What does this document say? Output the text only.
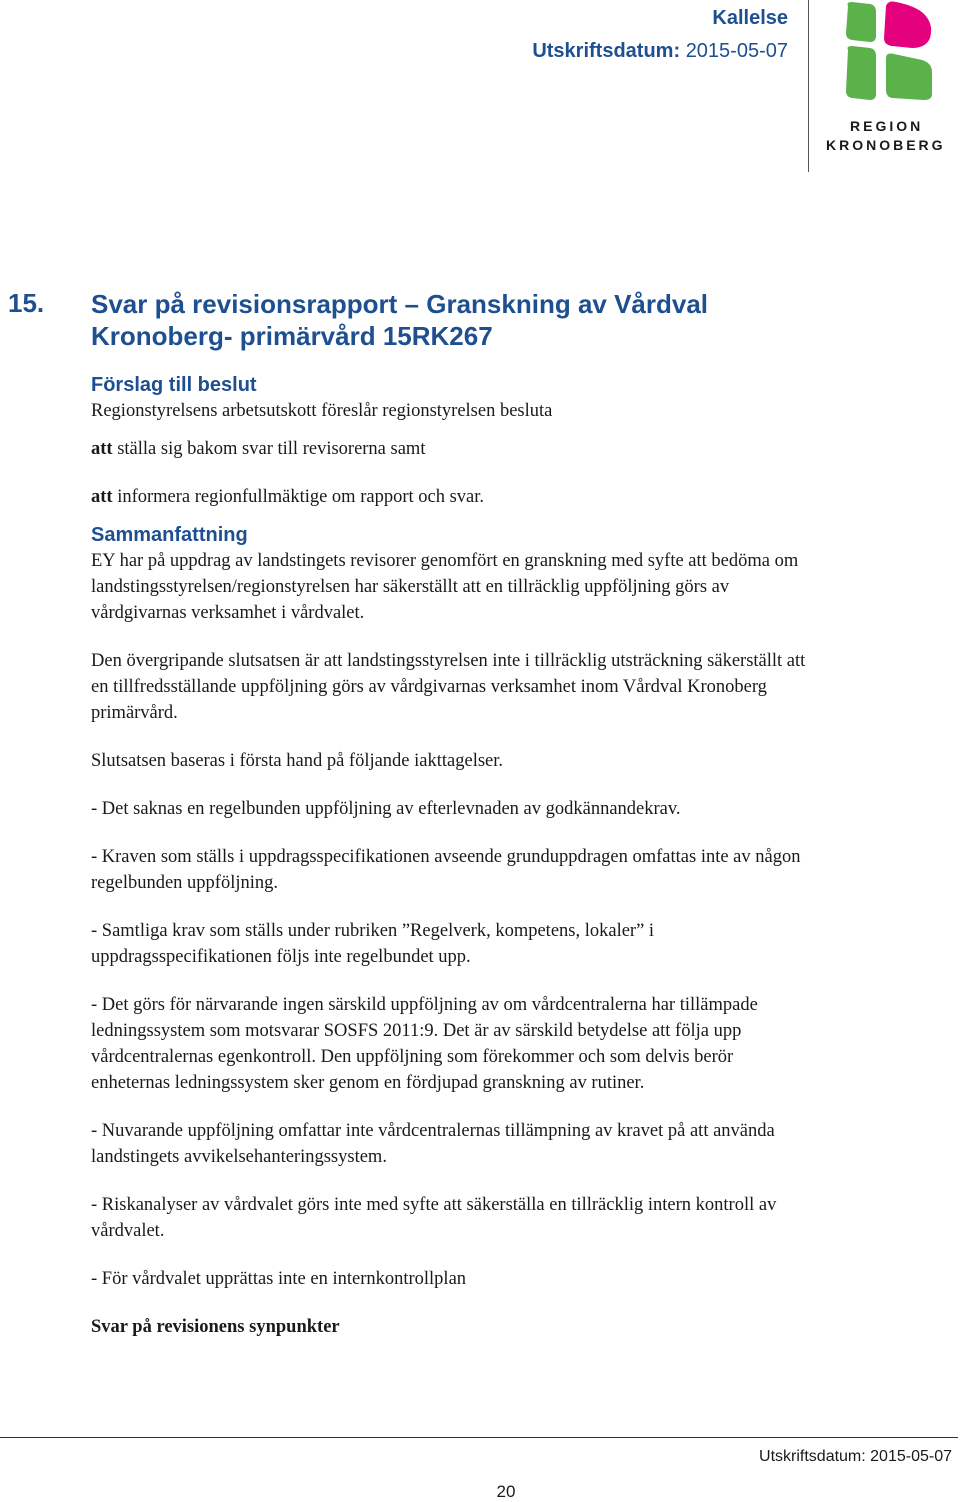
Kallelse
Utskriftsdatum: 2015-05-07
REGION
KRONOBERG
15. Svar på revisionsrapport – Granskning av Vårdval Kronoberg- primärvård 15RK267
Förslag till beslut

Regionstyrelsens arbetsutskott föreslår regionstyrelsen besluta

att ställa sig bakom svar till revisorerna samt

att informera regionfullmäktige om rapport och svar.

Sammanfattning

EY har på uppdrag av landstingets revisorer genomfört en granskning med syfte att bedöma om landstingsstyrelsen/regionstyrelsen har säkerställt att en tillräcklig uppföljning görs av vårdgivarnas verksamhet i vårdvalet.

Den övergripande slutsatsen är att landstingsstyrelsen inte i tillräcklig utsträckning säkerställt att en tillfredsställande uppföljning görs av vårdgivarnas verksamhet inom Vårdval Kronoberg primärvård.

Slutsatsen baseras i första hand på följande iakttagelser.

- Det saknas en regelbunden uppföljning av efterlevnaden av godkännandekrav.

- Kraven som ställs i uppdragsspecifikationen avseende grunduppdragen omfattas inte av någon regelbunden uppföljning.

- Samtliga krav som ställs under rubriken ”Regelverk, kompetens, lokaler” i uppdragsspecifikationen följs inte regelbundet upp.

- Det görs för närvarande ingen särskild uppföljning av om vårdcentralerna har tillämpade ledningssystem som motsvarar SOSFS 2011:9. Det är av särskild betydelse att följa upp vårdcentralernas egenkontroll. Den uppföljning som förekommer och som delvis berör enheternas ledningssystem sker genom en fördjupad granskning av rutiner.

- Nuvarande uppföljning omfattar inte vårdcentralernas tillämpning av kravet på att använda landstingets avvikelsehanteringssystem.

- Riskanalyser av vårdvalet görs inte med syfte att säkerställa en tillräcklig intern kontroll av vårdvalet.

- För vårdvalet upprättas inte en internkontrollplan

Svar på revisionens synpunkter

Utskriftsdatum: 2015-05-07
20
